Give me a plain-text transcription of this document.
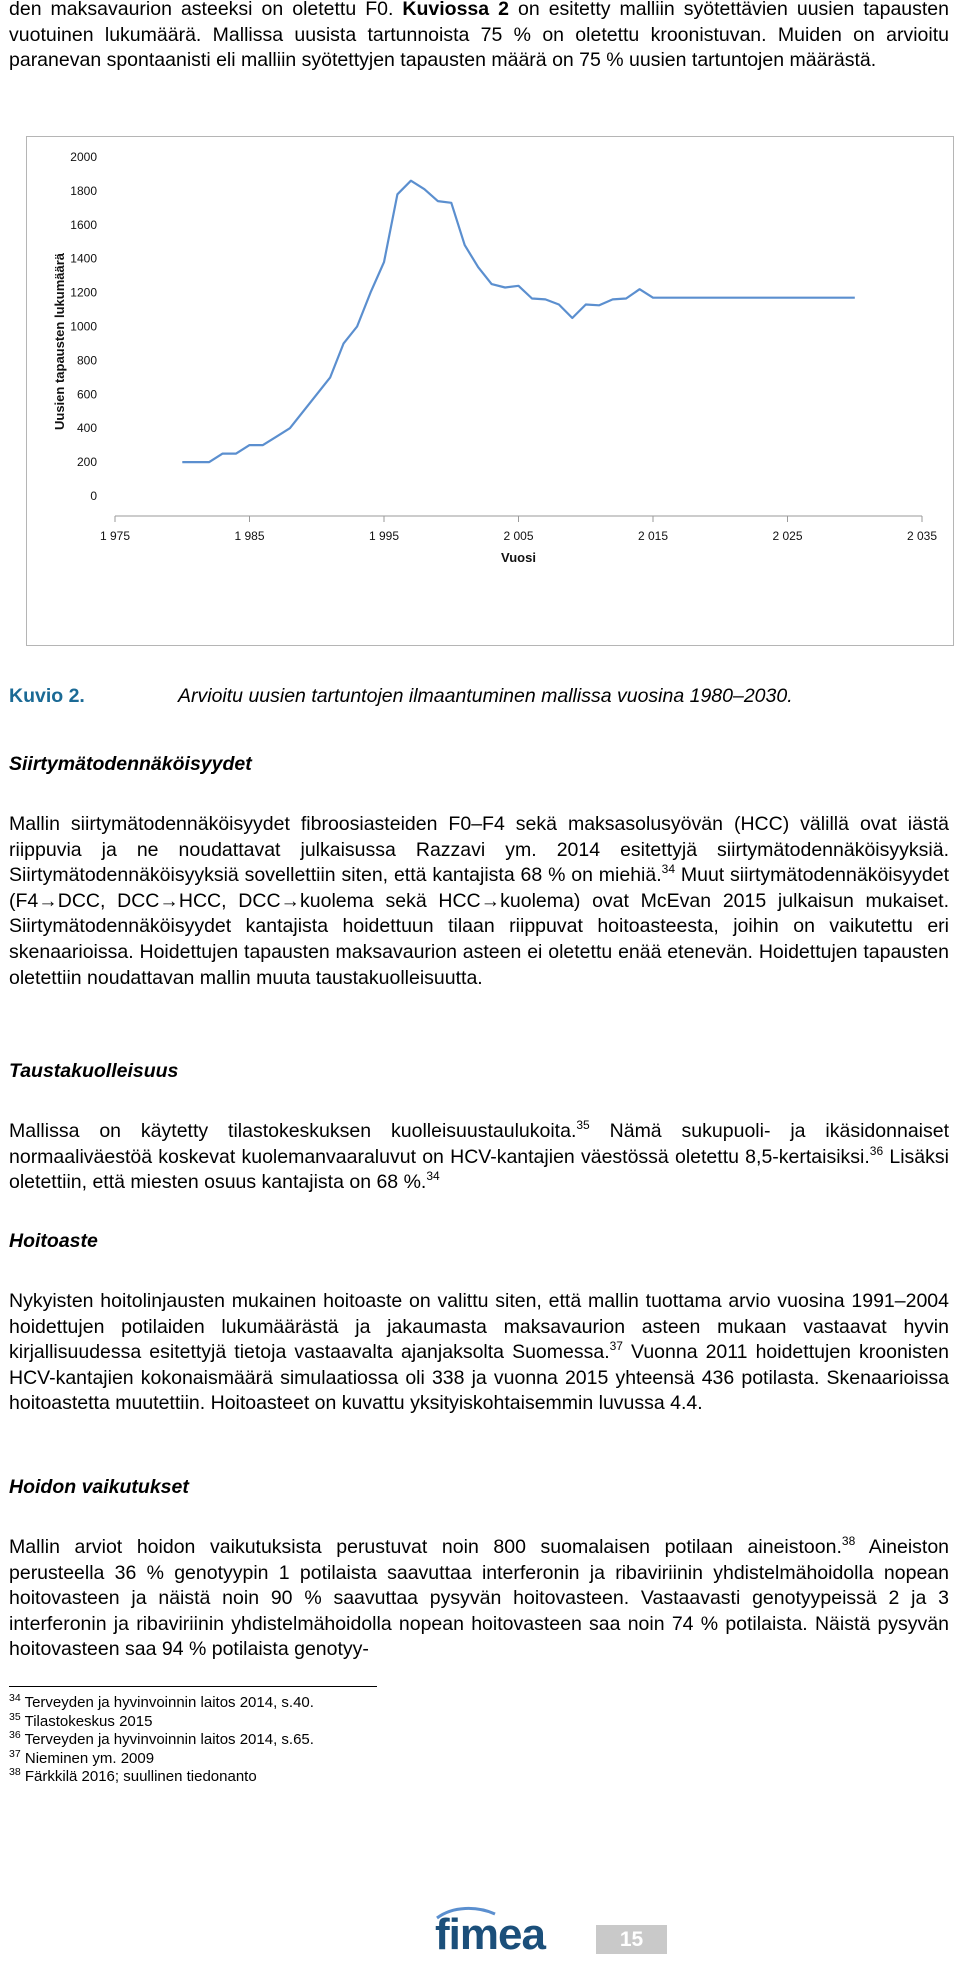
den maksavaurion asteeksi on oletettu F0. Kuviossa 2 on esitetty malliin syötettävien uusien tapausten vuotuinen lukumäärä. Mallissa uusista tartunnoista 75 % on oletettu kroonistuvan. Muiden on arvioitu paranevan spontaanisti eli malliin syötettyjen tapausten määrä on 75 % uusien tartuntojen määrästä.

0
200
400
600
800
1000
1200
1400
1600
1800
2000
1 975	1 985	1 995	2 005	2 015	2 025	2 035
Vuosi
Uusien tapausten lukumäärä
Kuvio 2.	Arvioitu uusien tartuntojen ilmaantuminen mallissa vuosina 1980–2030.
Siirtymätodennäköisyydet

Mallin siirtymätodennäköisyydet fibroosiasteiden F0–F4 sekä maksasolusyövän (HCC) välillä ovat iästä riippuvia ja ne noudattavat julkaisussa Razzavi ym. 2014 esitettyjä siirtymätodennäköisyyksiä. Siirtymätodennäköisyyksiä sovellettiin siten, että kantajista 68 % on miehiä.$^{34}$ Muut siirtymätodennäköisyydet (F4→DCC, DCC→HCC, DCC→kuolema sekä HCC→kuolema) ovat McEvan 2015 julkaisun mukaiset. Siirtymätodennäköisyydet kantajista hoidettuun tilaan riippuvat hoitoasteesta, joihin on vaikutettu eri skenaarioissa. Hoidettujen tapausten maksavaurion asteen ei oletettu enää etenevän. Hoidettujen tapausten oletettiin noudattavan mallin muuta taustakuolleisuutta.

Taustakuolleisuus

Mallissa on käytetty tilastokeskuksen kuolleisuustaulukoita.$^{35}$ Nämä sukupuoli- ja ikäsidonnaiset normaaliväestöä koskevat kuolemanvaaraluvut on HCV-kantajien väestössä oletettu 8,5-kertaisiksi.$^{36}$ Lisäksi oletettiin, että miesten osuus kantajista on 68 %.$^{34}$

Hoitoaste

Nykyisten hoitolinjausten mukainen hoitoaste on valittu siten, että mallin tuottama arvio vuosina 1991–2004 hoidettujen potilaiden lukumäärästä ja jakaumasta maksavaurion asteen mukaan vastaavat hyvin kirjallisuudessa esitettyjä tietoja vastaavalta ajanjaksolta Suomessa.$^{37}$ Vuonna 2011 hoidettujen kroonisten HCV-kantajien kokonaismäärä simulaatiossa oli 338 ja vuonna 2015 yhteensä 436 potilasta. Skenaarioissa hoitoastetta muutettiin. Hoitoasteet on kuvattu yksityiskohtaisemmin luvussa 4.4.

Hoidon vaikutukset

Mallin arviot hoidon vaikutuksista perustuvat noin 800 suomalaisen potilaan aineistoon.$^{38}$ Aineiston perusteella 36 % genotyypin 1 potilaista saavuttaa interferonin ja ribaviriinin yhdistelmähoidolla nopean hoitovasteen ja näistä noin 90 % saavuttaa pysyvän hoitovasteen. Vastaavasti genotyypeissä 2 ja 3 interferonin ja ribaviriinin yhdistelmähoidolla nopean hoitovasteen saa noin 74 % potilaista. Näistä pysyvän hoitovasteen saa 94 % potilaista genotyy-

$^{34}$ Terveyden ja hyvinvoinnin laitos 2014, s.40.
$^{35}$ Tilastokeskus 2015
$^{36}$ Terveyden ja hyvinvoinnin laitos 2014, s.65.
$^{37}$ Nieminen ym. 2009
$^{38}$ Färkkilä 2016; suullinen tiedonanto
fimea	15
